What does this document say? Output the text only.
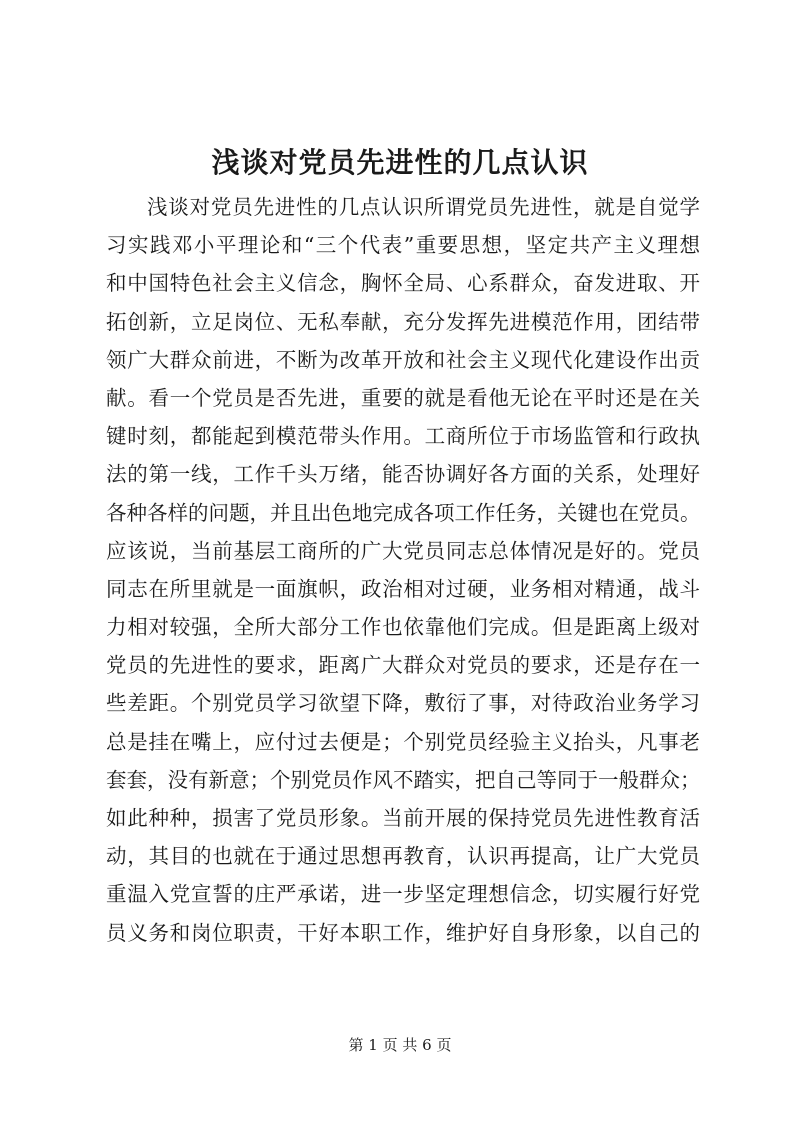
浅谈对党员先进性的几点认识
浅谈对党员先进性的几点认识所谓党员先进性，就是自觉学
习实践邓小平理论和“三个代表”重要思想，坚定共产主义理想
和中国特色社会主义信念，胸怀全局、心系群众，奋发进取、开
拓创新，立足岗位、无私奉献，充分发挥先进模范作用，团结带
领广大群众前进，不断为改革开放和社会主义现代化建设作出贡
献。看一个党员是否先进，重要的就是看他无论在平时还是在关
键时刻，都能起到模范带头作用。工商所位于市场监管和行政执
法的第一线，工作千头万绪，能否协调好各方面的关系，处理好
各种各样的问题，并且出色地完成各项工作任务，关键也在党员。
应该说，当前基层工商所的广大党员同志总体情况是好的。党员
同志在所里就是一面旗帜，政治相对过硬，业务相对精通，战斗
力相对较强，全所大部分工作也依靠他们完成。但是距离上级对
党员的先进性的要求，距离广大群众对党员的要求，还是存在一
些差距。个别党员学习欲望下降，敷衍了事，对待政治业务学习
总是挂在嘴上，应付过去便是；个别党员经验主义抬头，凡事老
套套，没有新意；个别党员作风不踏实，把自己等同于一般群众；
如此种种，损害了党员形象。当前开展的保持党员先进性教育活
动，其目的也就在于通过思想再教育，认识再提高，让广大党员
重温入党宣誓的庄严承诺，进一步坚定理想信念，切实履行好党
员义务和岗位职责，干好本职工作，维护好自身形象，以自己的
第 1 页 共 6 页
